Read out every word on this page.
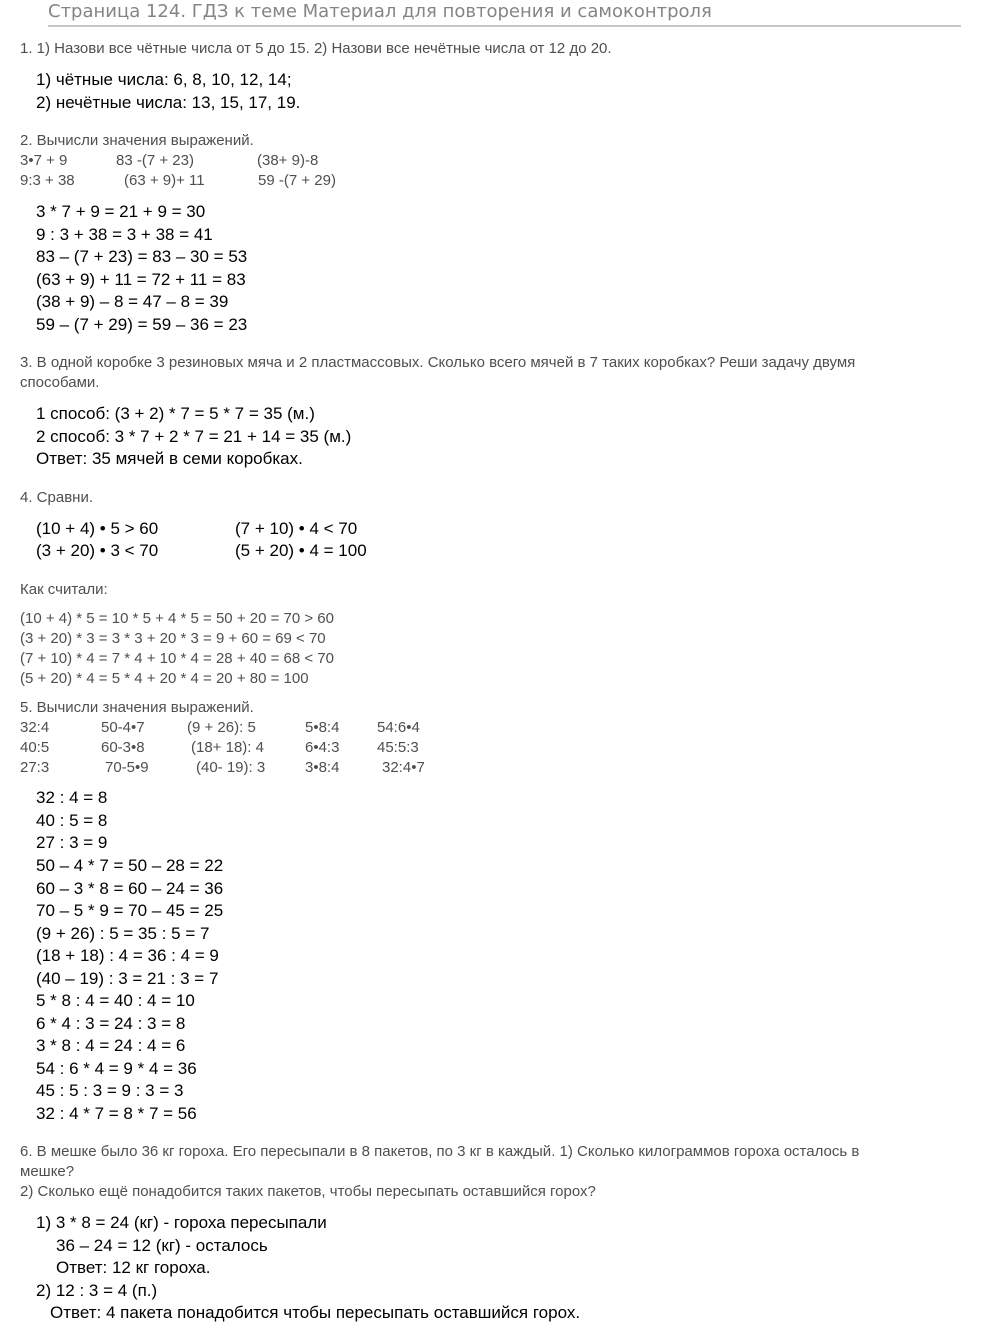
Страница 124. ГДЗ к теме Материал для повторения и самоконтроля

1. 1) Назови все чётные числа от 5 до 15. 2) Назови все нечётные числа от 12 до 20.

1) чётные числа: 6, 8, 10, 12, 14;

2) нечётные числа: 13, 15, 17, 19.

2. Вычисли значения выражений.

3•7 + 9	83 -(7 + 23)	(38+ 9)-8
9:3 + 38	(63 + 9)+ 11	59 -(7 + 29)

3 * 7 + 9 = 21 + 9 = 30

9 : 3 + 38 = 3 + 38 = 41

83 – (7 + 23) = 83 – 30 = 53

(63 + 9) + 11 = 72 + 11 = 83

(38 + 9) – 8 = 47 – 8 = 39

59 – (7 + 29) = 59 – 36 = 23

3. В одной коробке 3 резиновых мяча и 2 пластмассовых. Сколько всего мячей в 7 таких коробках? Реши задачу двумя

способами.

1 способ: (3 + 2) * 7 = 5 * 7 = 35 (м.)

2 способ: 3 * 7 + 2 * 7 = 21 + 14 = 35 (м.)

Ответ: 35 мячей в семи коробках.

4. Сравни.

(10 + 4) • 5 > 60	(7 + 10) • 4 < 70
(3 + 20) • 3 < 70	(5 + 20) • 4 = 100

Как считали:

(10 + 4) * 5 = 10 * 5 + 4 * 5 = 50 + 20 = 70 > 60

(3 + 20) * 3 = 3 * 3 + 20 * 3 = 9 + 60 = 69 < 70

(7 + 10) * 4 = 7 * 4 + 10 * 4 = 28 + 40 = 68 < 70

(5 + 20) * 4 = 5 * 4 + 20 * 4 = 20 + 80 = 100

5. Вычисли значения выражений.

32:4	50-4•7	(9 + 26): 5	5•8:4	54:6•4
40:5	60-3•8	(18+ 18): 4	6•4:3	45:5:3
27:3	70-5•9	(40- 19): 3	3•8:4	32:4•7

32 : 4 = 8

40 : 5 = 8

27 : 3 = 9

50 – 4 * 7 = 50 – 28 = 22

60 – 3 * 8 = 60 – 24 = 36

70 – 5 * 9 = 70 – 45 = 25

(9 + 26) : 5 = 35 : 5 = 7

(18 + 18) : 4 = 36 : 4 = 9

(40 – 19) : 3 = 21 : 3 = 7

5 * 8 : 4 = 40 : 4 = 10

6 * 4 : 3 = 24 : 3 = 8

3 * 8 : 4 = 24 : 4 = 6

54 : 6 * 4 = 9 * 4 = 36

45 : 5 : 3 = 9 : 3 = 3

32 : 4 * 7 = 8 * 7 = 56

6. В мешке было 36 кг гороха. Его пересыпали в 8 пакетов, по 3 кг в каждый. 1) Сколько килограммов гороха осталось в

мешке?

2) Сколько ещё понадобится таких пакетов, чтобы пересыпать оставшийся горох?

1) 3 * 8 = 24 (кг) - гороха пересыпали

36 – 24 = 12 (кг) - осталось

Ответ: 12 кг гороха.

2) 12 : 3 = 4 (п.)

Ответ: 4 пакета понадобится чтобы пересыпать оставшийся горох.
